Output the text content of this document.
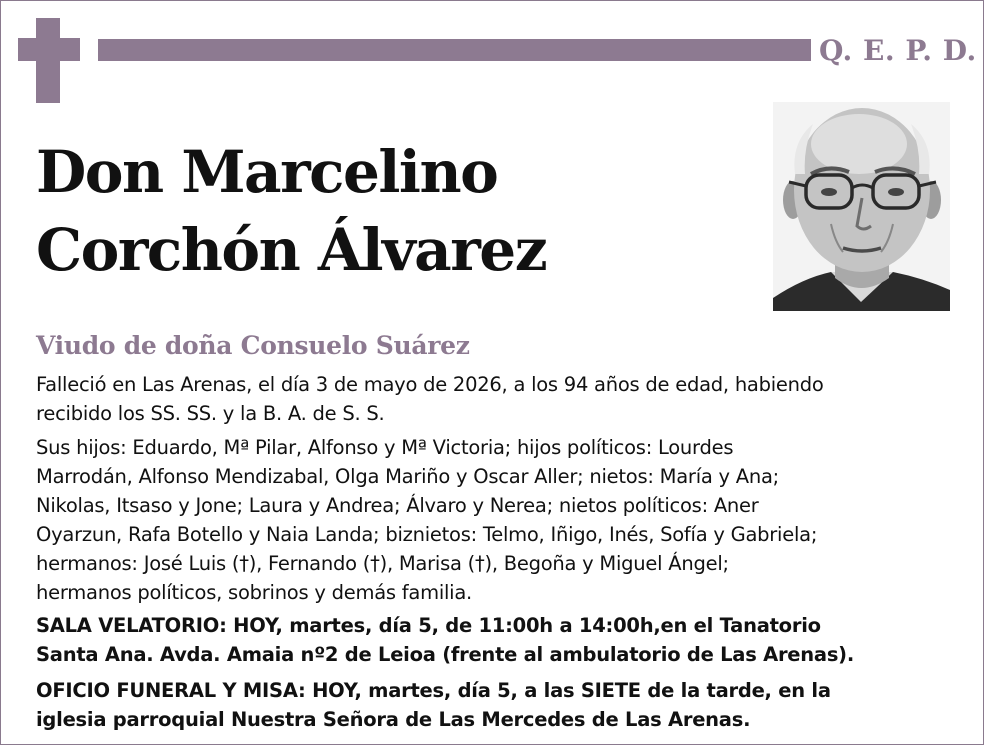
Q. E. P. D.
Don Marcelino
Corchón Álvarez
Viudo de doña Consuelo Suárez
Falleció en Las Arenas, el día 3 de mayo de 2026, a los 94 años de edad, habiendo
recibido los SS. SS. y la B. A. de S. S.
Sus hijos: Eduardo, Mª Pilar, Alfonso y Mª Victoria; hijos políticos: Lourdes
Marrodán, Alfonso Mendizabal, Olga Mariño y Oscar Aller; nietos: María y Ana;
Nikolas, Itsaso y Jone; Laura y Andrea; Álvaro y Nerea; nietos políticos: Aner
Oyarzun, Rafa Botello y Naia Landa; biznietos: Telmo, Iñigo, Inés, Sofía y Gabriela;
hermanos: José Luis (†), Fernando (†), Marisa (†), Begoña y Miguel Ángel;
hermanos políticos, sobrinos y demás familia.
SALA VELATORIO: HOY, martes, día 5, de 11:00h a 14:00h,en el Tanatorio
Santa Ana. Avda. Amaia nº2 de Leioa (frente al ambulatorio de Las Arenas).
OFICIO FUNERAL Y MISA: HOY, martes, día 5, a las SIETE de la tarde, en la
iglesia parroquial Nuestra Señora de Las Mercedes de Las Arenas.
